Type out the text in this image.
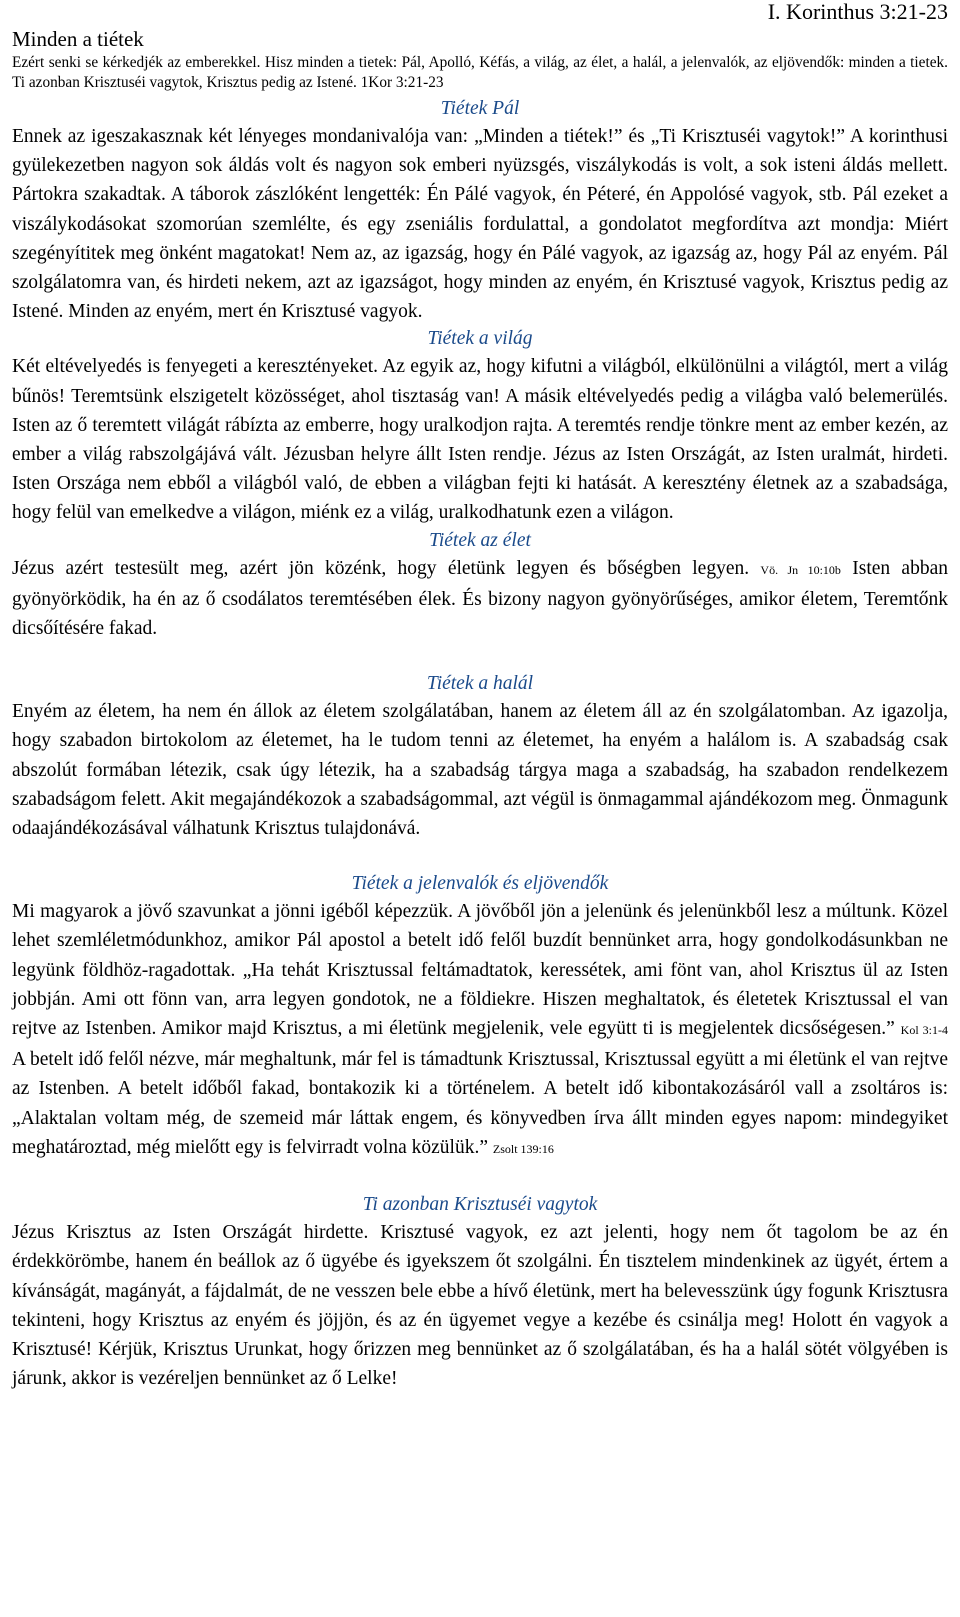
I. Korinthus 3:21-23
Minden a tiétek
Ezért senki se kérkedjék az emberekkel. Hisz minden a tietek: Pál, Apolló, Kéfás, a világ, az élet, a halál, a jelenvalók, az eljövendők: minden a tietek. Ti azonban Krisztuséi vagytok, Krisztus pedig az Istené. 1Kor 3:21-23
Tiétek Pál

Ennek az igeszakasznak két lényeges mondanivalója van: „Minden a tiétek!” és „Ti Krisztuséi vagytok!” A korinthusi gyülekezetben nagyon sok áldás volt és nagyon sok emberi nyüzsgés, viszálykodás is volt, a sok isteni áldás mellett. Pártokra szakadtak. A táborok zászlóként lengették: Én Pálé vagyok, én Péteré, én Appolósé vagyok, stb. Pál ezeket a viszálykodásokat szomorúan szemlélte, és egy zseniális fordulattal, a gondolatot megfordítva azt mondja: Miért szegényítitek meg önként magatokat! Nem az, az igazság, hogy én Pálé vagyok, az igazság az, hogy Pál az enyém. Pál szolgálatomra van, és hirdeti nekem, azt az igazságot, hogy minden az enyém, én Krisztusé vagyok, Krisztus pedig az Istené. Minden az enyém, mert én Krisztusé vagyok.

Tiétek a világ

Két eltévelyedés is fenyegeti a keresztényeket. Az egyik az, hogy kifutni a világból, elkülönülni a világtól, mert a világ bűnös! Teremtsünk elszigetelt közösséget, ahol tisztaság van! A másik eltévelyedés pedig a világba való belemerülés. Isten az ő teremtett világát rábízta az emberre, hogy uralkodjon rajta. A teremtés rendje tönkre ment az ember kezén, az ember a világ rabszolgájává vált. Jézusban helyre állt Isten rendje. Jézus az Isten Országát, az Isten uralmát, hirdeti. Isten Országa nem ebből a világból való, de ebben a világban fejti ki hatását. A keresztény életnek az a szabadsága, hogy felül van emelkedve a világon, miénk ez a világ, uralkodhatunk ezen a világon.

Tiétek az élet

Jézus azért testesült meg, azért jön közénk, hogy életünk legyen és bőségben legyen. Vö. Jn 10:10b Isten abban gyönyörködik, ha én az ő csodálatos teremtésében élek. És bizony nagyon gyönyörűséges, amikor életem, Teremtőnk dicsőítésére fakad.

Tiétek a halál

Enyém az életem, ha nem én állok az életem szolgálatában, hanem az életem áll az én szolgálatomban. Az igazolja, hogy szabadon birtokolom az életemet, ha le tudom tenni az életemet, ha enyém a halálom is. A szabadság csak abszolút formában létezik, csak úgy létezik, ha a szabadság tárgya maga a szabadság, ha szabadon rendelkezem szabadságom felett. Akit megajándékozok a szabadságommal, azt végül is önmagammal ajándékozom meg. Önmagunk odaajándékozásával válhatunk Krisztus tulajdonává.

Tiétek a jelenvalók és eljövendők

Mi magyarok a jövő szavunkat a jönni igéből képezzük. A jövőből jön a jelenünk és jelenünkből lesz a múltunk. Közel lehet szemléletmódunkhoz, amikor Pál apostol a betelt idő felől buzdít bennünket arra, hogy gondolkodásunkban ne legyünk földhöz-ragadottak. „Ha tehát Krisztussal feltámadtatok, keressétek, ami fönt van, ahol Krisztus ül az Isten jobbján. Ami ott fönn van, arra legyen gondotok, ne a földiekre. Hiszen meghaltatok, és életetek Krisztussal el van rejtve az Istenben. Amikor majd Krisztus, a mi életünk megjelenik, vele együtt ti is megjelentek dicsőségesen.” Kol 3:1-4 A betelt idő felől nézve, már meghaltunk, már fel is támadtunk Krisztussal, Krisztussal együtt a mi életünk el van rejtve az Istenben. A betelt időből fakad, bontakozik ki a történelem. A betelt idő kibontakozásáról vall a zsoltáros is: „Alaktalan voltam még, de szemeid már láttak engem, és könyvedben írva állt minden egyes napom: mindegyiket meghatároztad, még mielőtt egy is felvirradt volna közülük.” Zsolt 139:16

Ti azonban Krisztuséi vagytok

Jézus Krisztus az Isten Országát hirdette. Krisztusé vagyok, ez azt jelenti, hogy nem őt tagolom be az én érdekkörömbe, hanem én beállok az ő ügyébe és igyekszem őt szolgálni. Én tisztelem mindenkinek az ügyét, értem a kívánságát, magányát, a fájdalmát, de ne vesszen bele ebbe a hívő életünk, mert ha belevesszünk úgy fogunk Krisztusra tekinteni, hogy Krisztus az enyém és jöjjön, és az én ügyemet vegye a kezébe és csinálja meg! Holott én vagyok a Krisztusé! Kérjük, Krisztus Urunkat, hogy őrizzen meg bennünket az ő szolgálatában, és ha a halál sötét völgyében is járunk, akkor is vezéreljen bennünket az ő Lelke!
